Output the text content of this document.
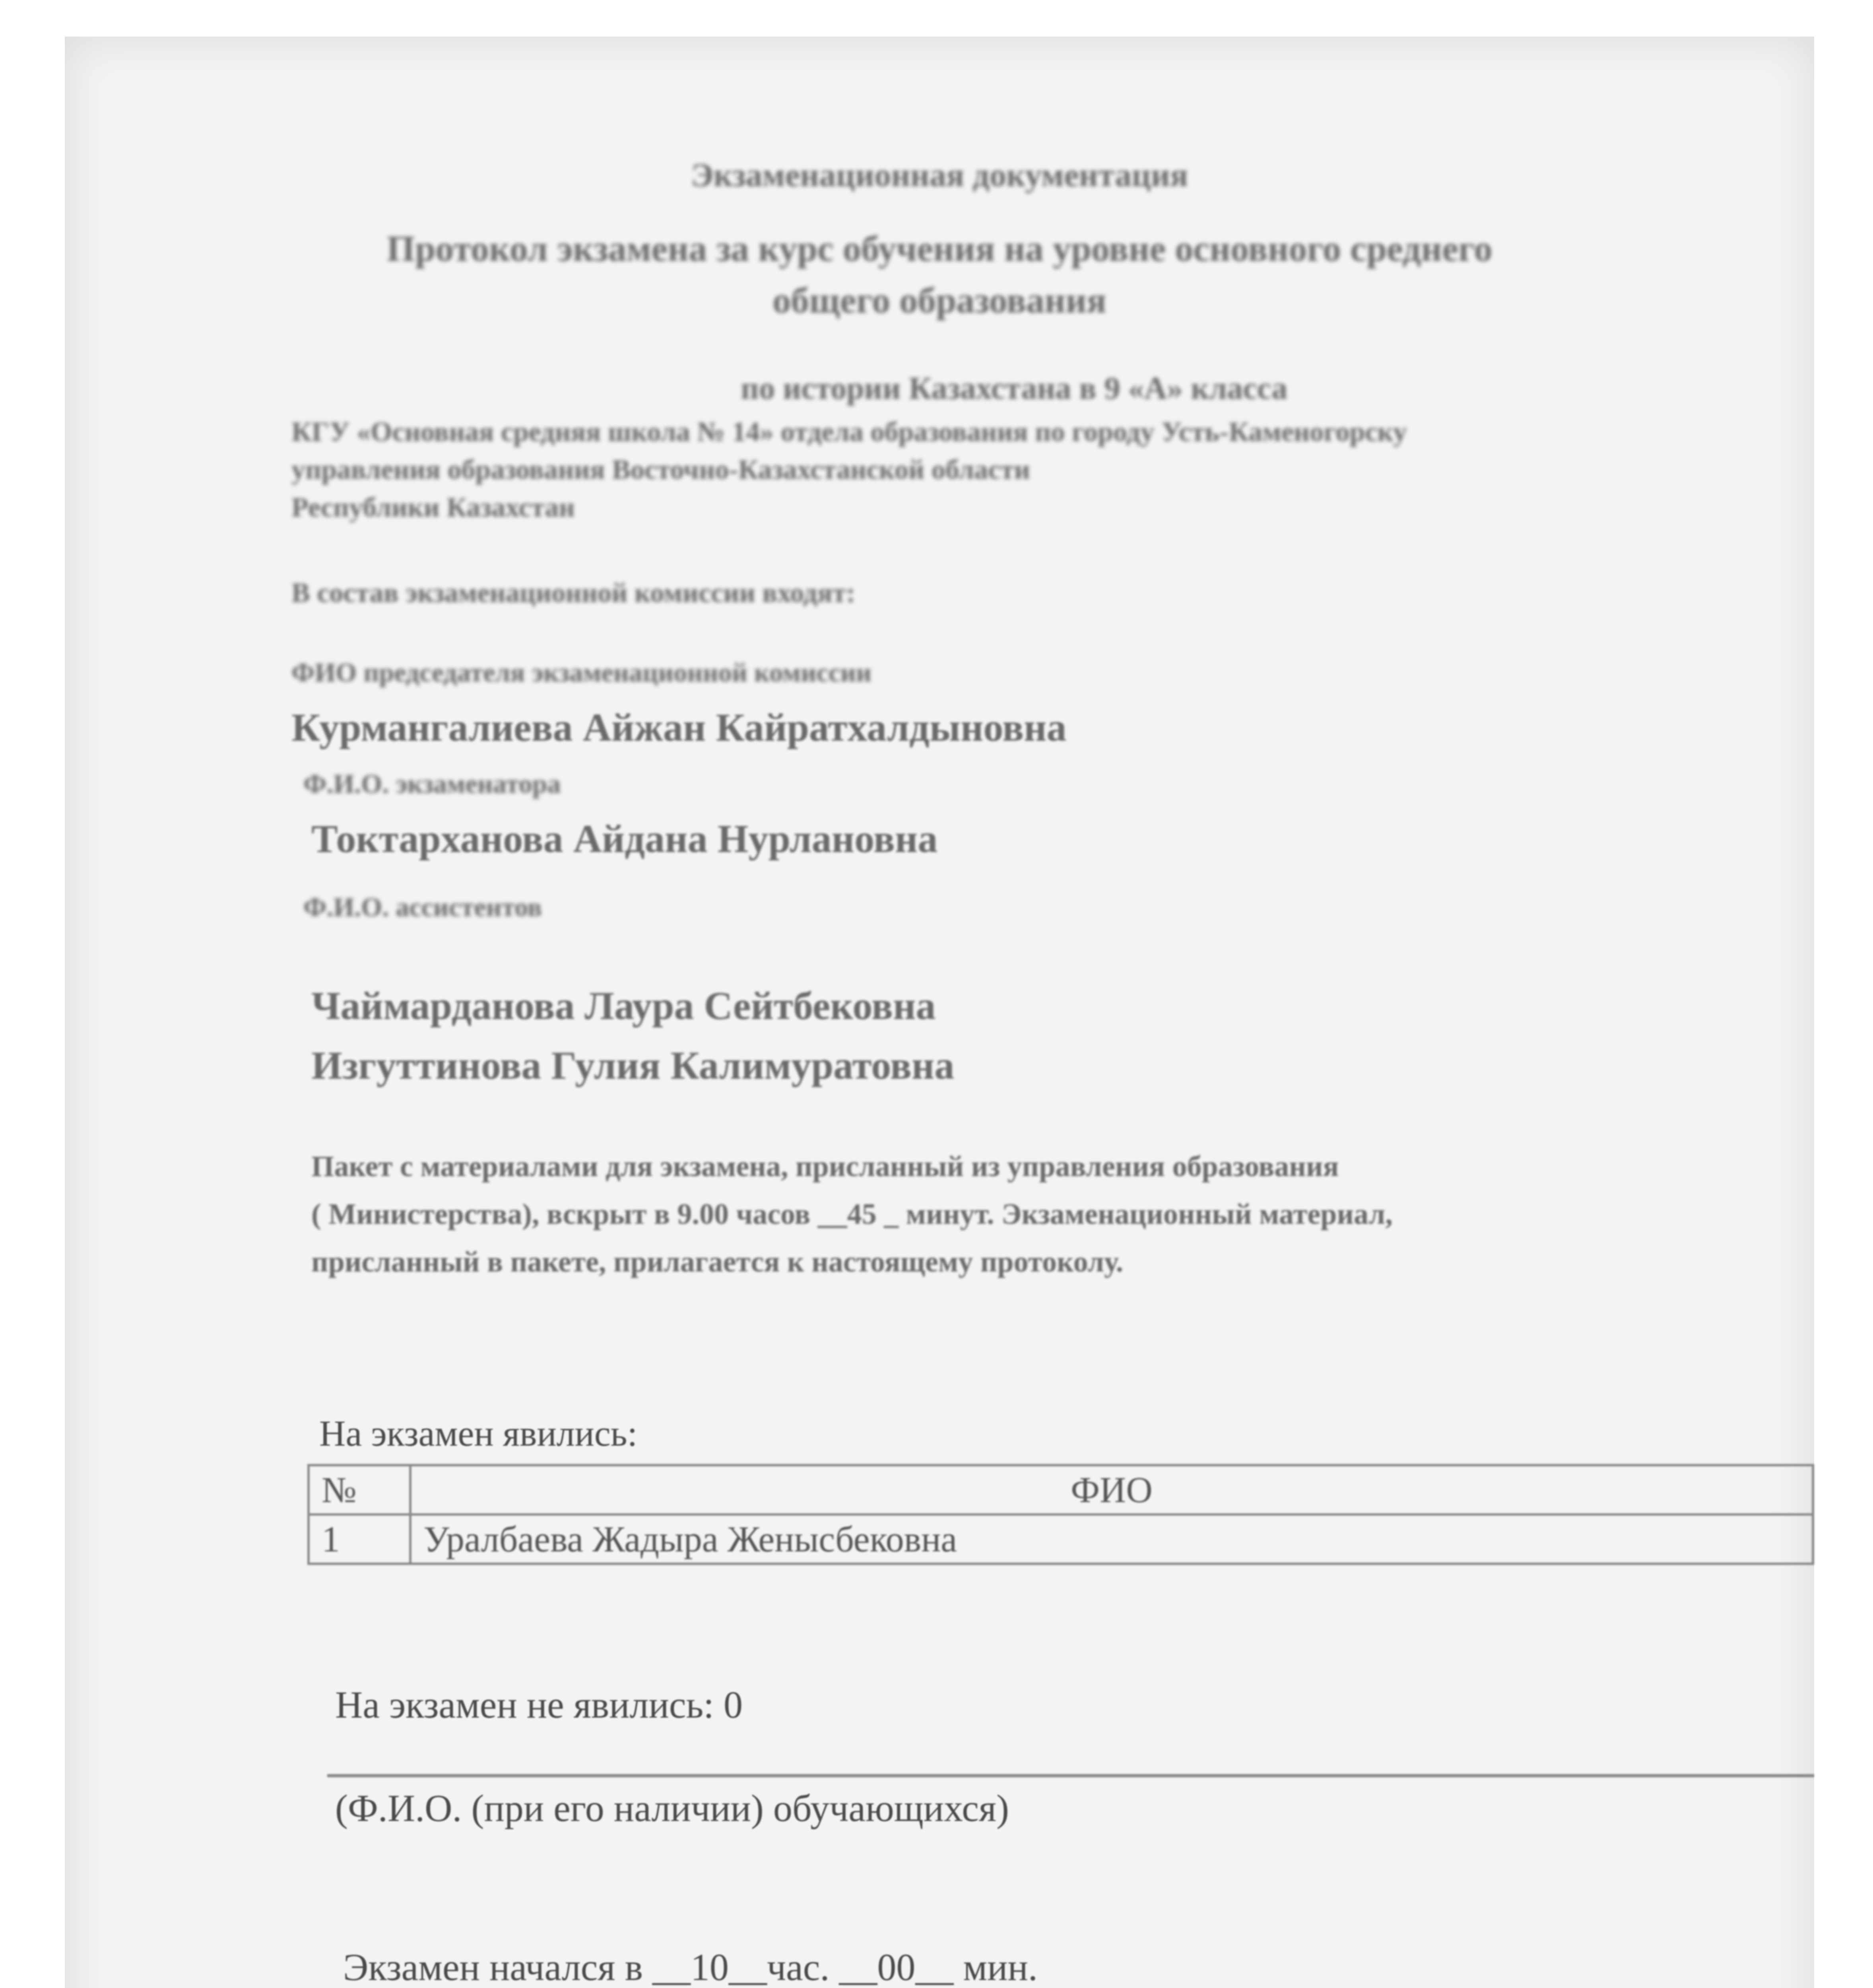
Экзаменационная документация
Протокол экзамена за курс обучения на уровне основного среднего
общего образования
по истории Казахстана в 9 «А» класса
КГУ «Основная средняя школа № 14» отдела образования по городу Усть-Каменогорску
управления образования Восточно-Казахстанской области
Республики Казахстан
В состав экзаменационной комиссии входят:
ФИО председателя экзаменационной комиссии
Курмангалиева Айжан Кайратхалдыновна
Ф.И.О. экзаменатора
Токтарханова Айдана Нурлановна
Ф.И.О. ассистентов
Чаймарданова Лаура Сейтбековна
Изгуттинова Гулия Калимуратовна
Пакет с материалами для экзамена, присланный из управления образования
( Министерства), вскрыт в 9.00 часов __45 _ минут. Экзаменационный материал,
присланный в пакете, прилагается к настоящему протоколу.
На экзамен явились:
№	ФИО
1	Уралбаева Жадыра Женысбековна
На экзамен не явились: 0
(Ф.И.О. (при его наличии) обучающихся)
Экзамен начался в __10__час. __00__ мин.
